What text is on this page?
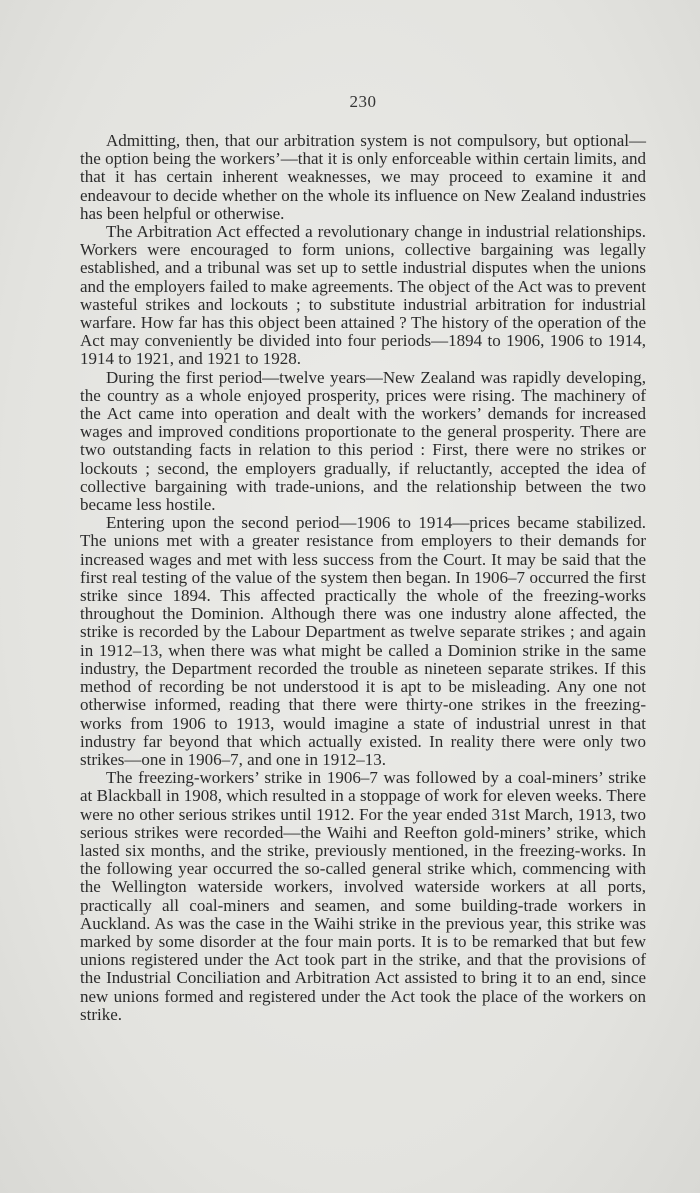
230

Admitting, then, that our arbitration system is not compulsory, but optional—the option being the workers’—that it is only enforceable within certain limits, and that it has certain inherent weaknesses, we may proceed to examine it and endeavour to decide whether on the whole its influence on New Zealand industries has been helpful or otherwise.

The Arbitration Act effected a revolutionary change in industrial relationships. Workers were encouraged to form unions, collective bargaining was legally established, and a tribunal was set up to settle industrial disputes when the unions and the employers failed to make agreements. The object of the Act was to prevent wasteful strikes and lockouts ; to substitute industrial arbitration for industrial warfare. How far has this object been attained ? The history of the operation of the Act may conveniently be divided into four periods—1894 to 1906, 1906 to 1914, 1914 to 1921, and 1921 to 1928.

During the first period—twelve years—New Zealand was rapidly developing, the country as a whole enjoyed prosperity, prices were rising. The machinery of the Act came into operation and dealt with the workers’ demands for increased wages and improved conditions proportionate to the general prosperity. There are two outstanding facts in relation to this period : First, there were no strikes or lockouts ; second, the employers gradually, if reluctantly, accepted the idea of collective bargaining with trade-unions, and the relationship between the two became less hostile.

Entering upon the second period—1906 to 1914—prices became stabilized. The unions met with a greater resistance from employers to their demands for increased wages and met with less success from the Court. It may be said that the first real testing of the value of the system then began. In 1906–7 occurred the first strike since 1894. This affected practically the whole of the freezing-works throughout the Dominion. Although there was one industry alone affected, the strike is recorded by the Labour Department as twelve separate strikes ; and again in 1912–13, when there was what might be called a Dominion strike in the same industry, the Department recorded the trouble as nineteen separate strikes. If this method of recording be not understood it is apt to be misleading. Any one not otherwise informed, reading that there were thirty-one strikes in the freezing-works from 1906 to 1913, would imagine a state of industrial unrest in that industry far beyond that which actually existed. In reality there were only two strikes—one in 1906–7, and one in 1912–13.

The freezing-workers’ strike in 1906–7 was followed by a coal-miners’ strike at Blackball in 1908, which resulted in a stoppage of work for eleven weeks. There were no other serious strikes until 1912. For the year ended 31st March, 1913, two serious strikes were recorded—the Waihi and Reefton gold-miners’ strike, which lasted six months, and the strike, previously mentioned, in the freezing-works. In the following year occurred the so-called general strike which, commencing with the Wellington waterside workers, involved waterside workers at all ports, practically all coal-miners and seamen, and some building-trade workers in Auckland. As was the case in the Waihi strike in the previous year, this strike was marked by some disorder at the four main ports. It is to be remarked that but few unions registered under the Act took part in the strike, and that the provisions of the Industrial Conciliation and Arbitration Act assisted to bring it to an end, since new unions formed and registered under the Act took the place of the workers on strike.
